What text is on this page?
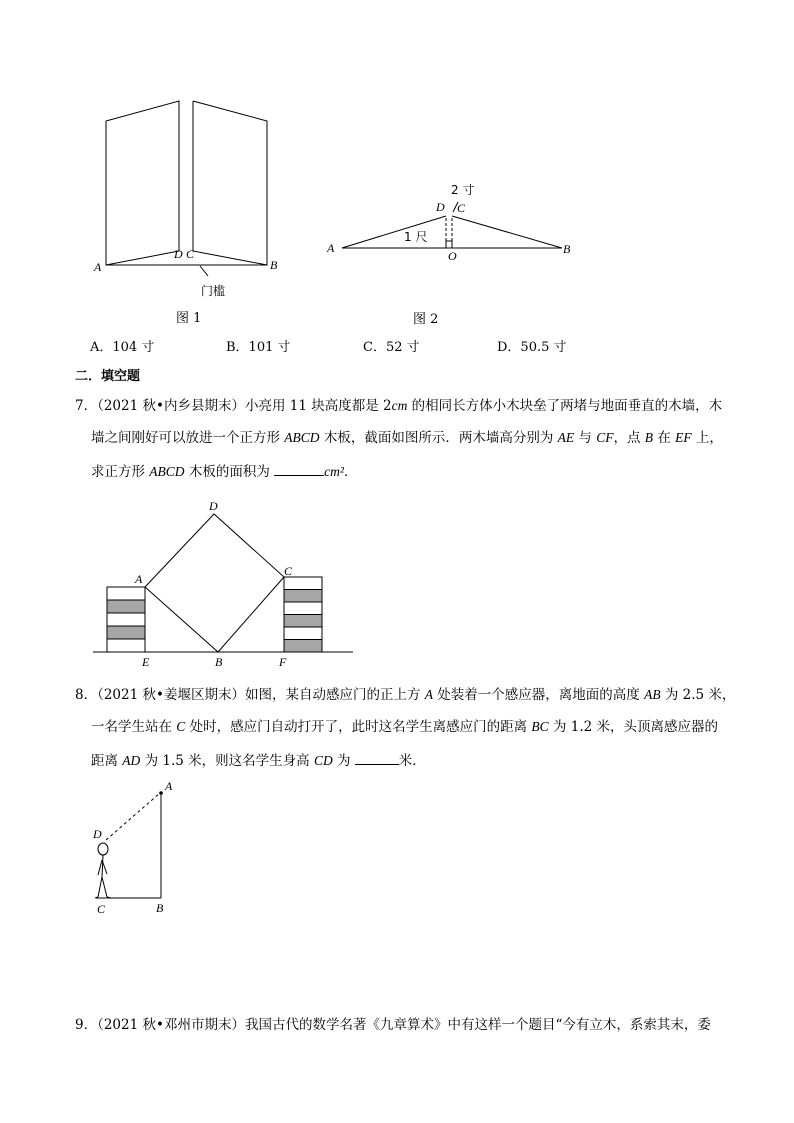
A	B
D C
门槛
图 1
A	B
O
D C
2 寸
1 尺
图 2
A．104 寸	B．101 寸	C．52 寸	D．50.5 寸
二．填空题
7．（2021 秋•内乡县期末）小亮用 11 块高度都是 2cm 的相同长方体小木块垒了两堵与地面垂直的木墙，木
墙之间刚好可以放进一个正方形 ABCD 木板，截面如图所示．两木墙高分别为 AE 与 CF，点 B 在 EF 上，
求正方形 ABCD 木板的面积为	cm²．
D
A
C
E	B	F
8．（2021 秋•姜堰区期末）如图，某自动感应门的正上方 A 处装着一个感应器，离地面的高度 AB 为 2.5 米，
一名学生站在 C 处时，感应门自动打开了，此时这名学生离感应门的距离 BC 为 1.2 米，头顶离感应器的
距离 AD 为 1.5 米，则这名学生身高 CD 为	米．
A
D
C	B
9．（2021 秋•邓州市期末）我国古代的数学名著《九章算术》中有这样一个题目“今有立木，系索其末，委
